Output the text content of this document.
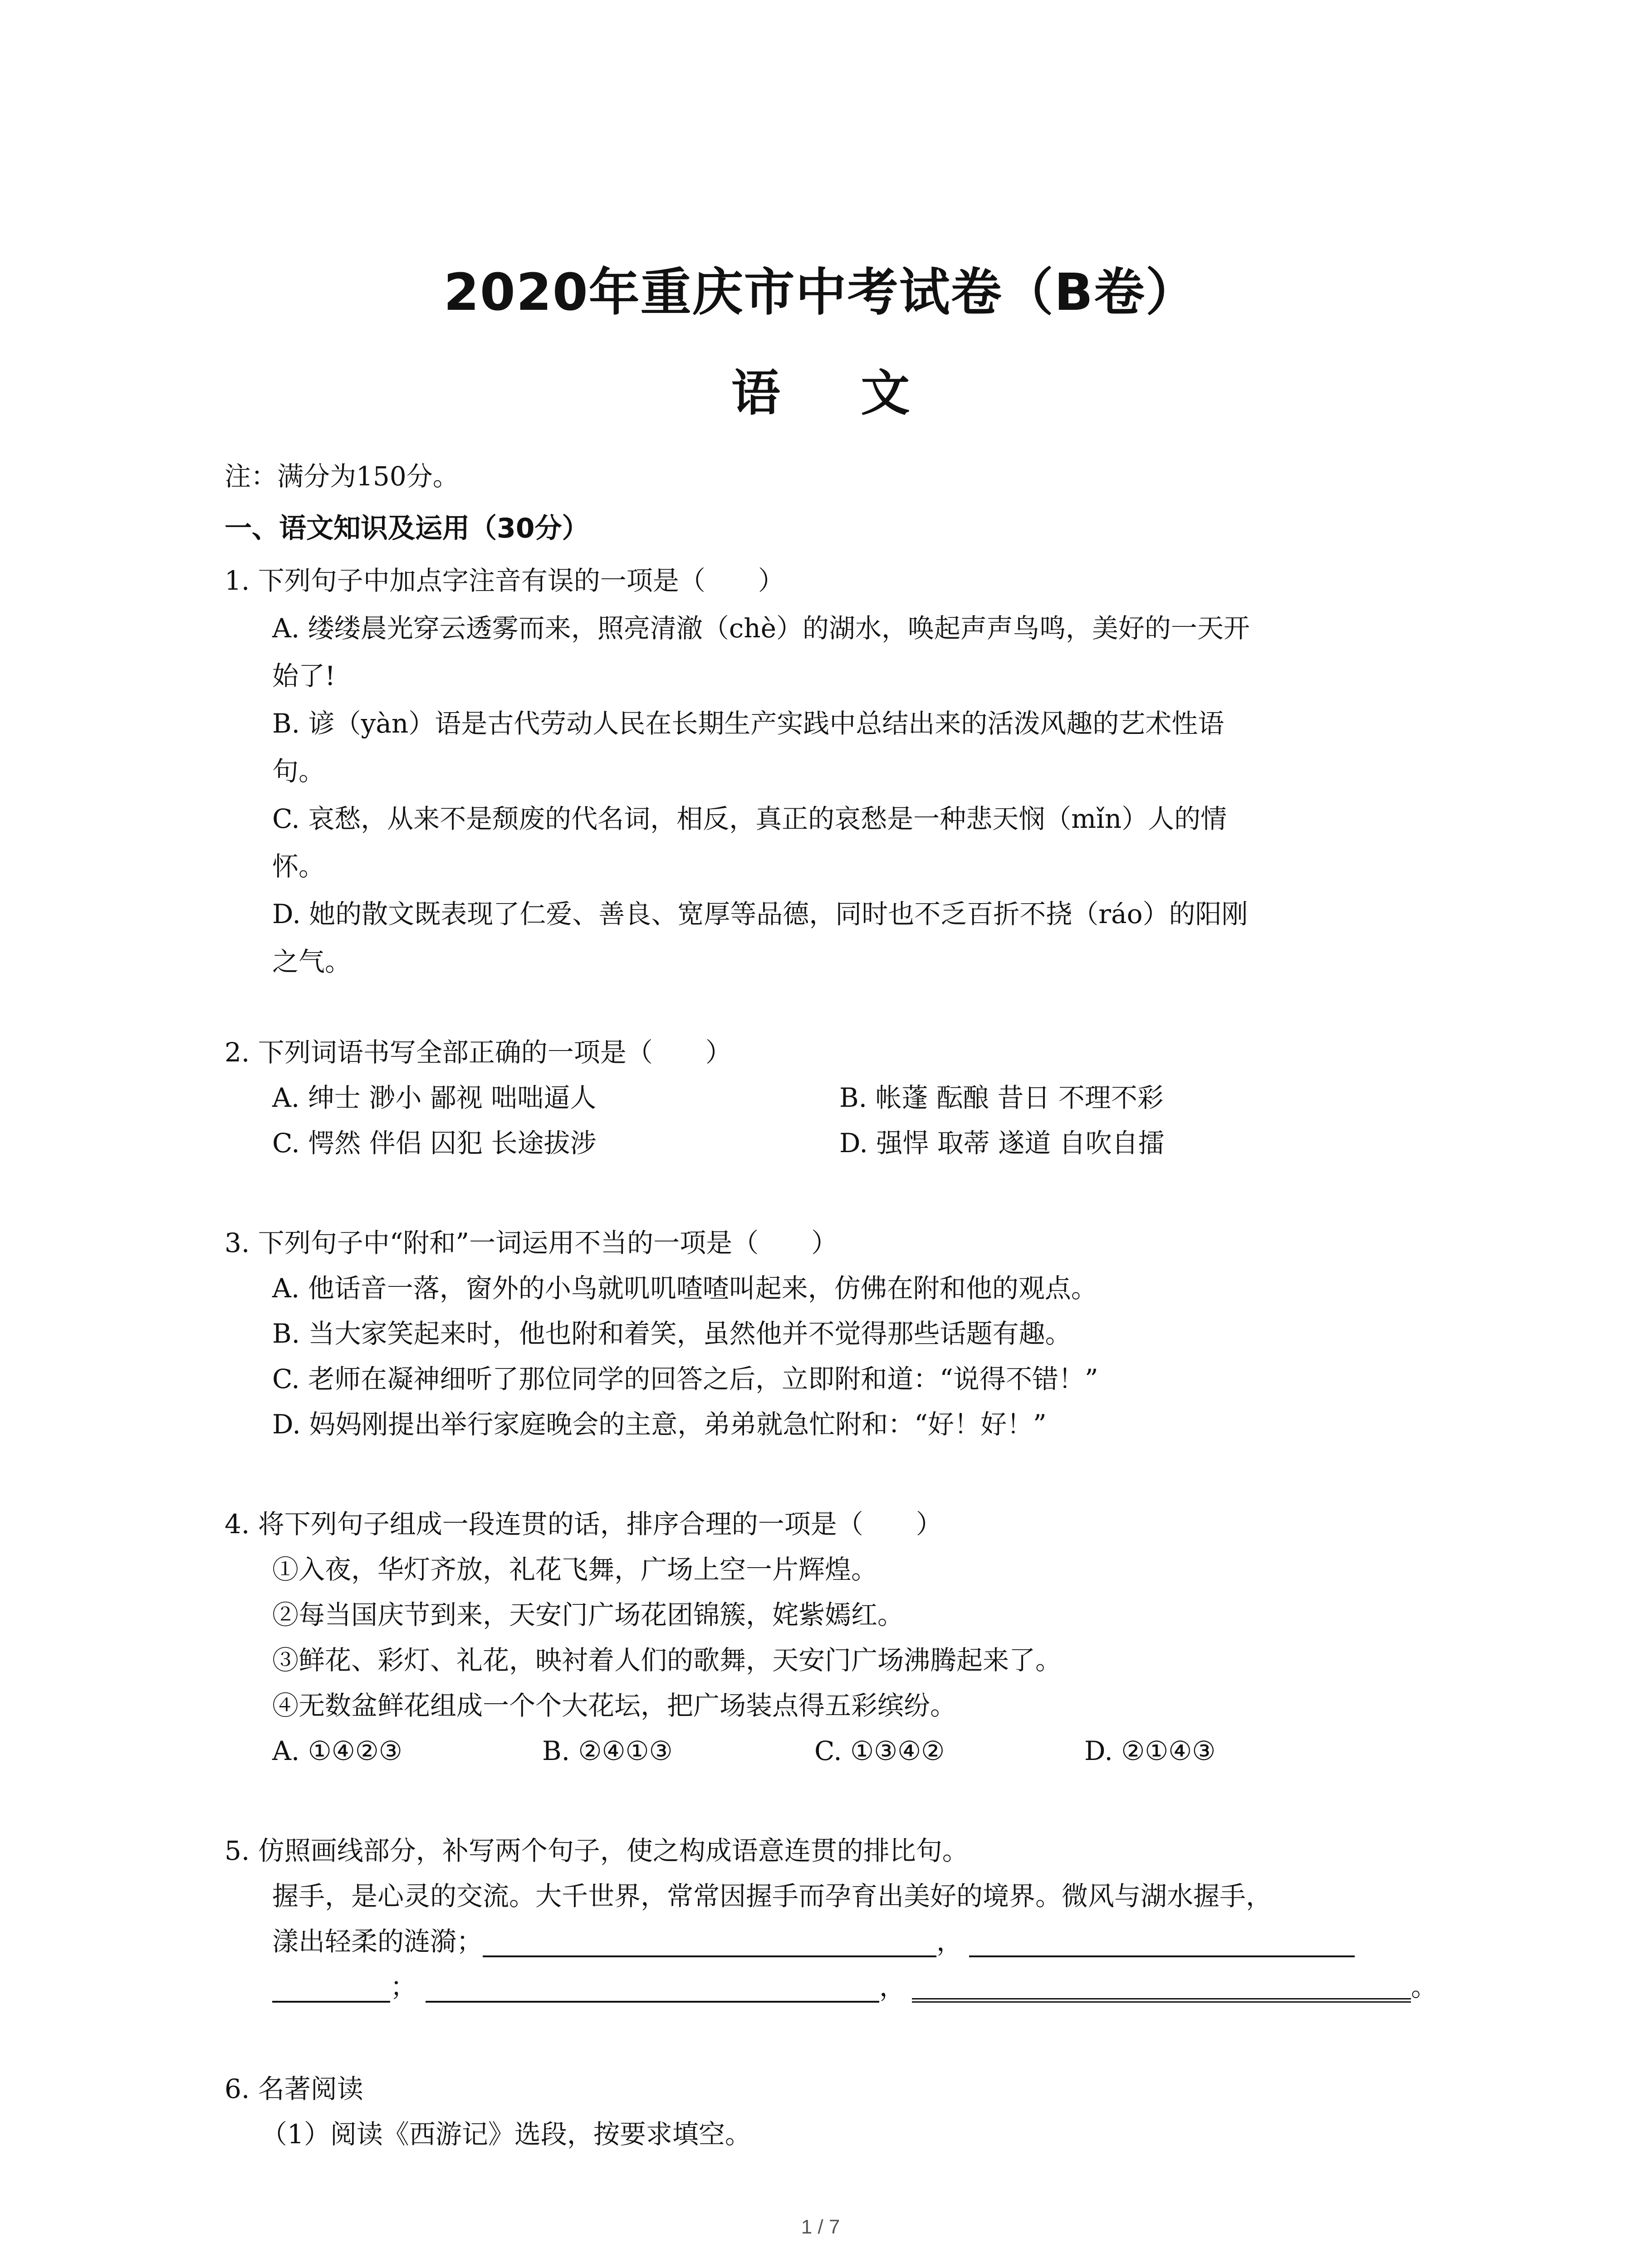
2020年重庆市中考试卷（B卷）
语 文
注：满分为150分。
一、语文知识及运用（30分）
1. 下列句子中加点字注音有误的一项是（　　）
A. 缕缕晨光穿云透雾而来，照亮清澈（chè）的湖水，唤起声声鸟鸣，美好的一天开
始了!
B. 谚（yàn）语是古代劳动人民在长期生产实践中总结出来的活泼风趣的艺术性语
句。
C. 哀愁，从来不是颓废的代名词，相反，真正的哀愁是一种悲天悯（mǐn）人的情
怀。
D. 她的散文既表现了仁爱、善良、宽厚等品德，同时也不乏百折不挠（ráo）的阳刚
之气。
2. 下列词语书写全部正确的一项是（　　）
A. 绅士 渺小 鄙视 咄咄逼人	B. 帐蓬 酝酿 昔日 不理不彩
C. 愕然 伴侣 囚犯 长途拔涉	D. 强悍 取蒂 遂道 自吹自擂
3. 下列句子中“附和”一词运用不当的一项是（　　）
A. 他话音一落，窗外的小鸟就叽叽喳喳叫起来，仿佛在附和他的观点。
B. 当大家笑起来时，他也附和着笑，虽然他并不觉得那些话题有趣。
C. 老师在凝神细听了那位同学的回答之后，立即附和道：“说得不错！”
D. 妈妈刚提出举行家庭晚会的主意，弟弟就急忙附和：“好！好！”
4. 将下列句子组成一段连贯的话，排序合理的一项是（　　）
①入夜，华灯齐放，礼花飞舞，广场上空一片辉煌。
②每当国庆节到来，天安门广场花团锦簇，姹紫嫣红。
③鲜花、彩灯、礼花，映衬着人们的歌舞，天安门广场沸腾起来了。
④无数盆鲜花组成一个个大花坛，把广场装点得五彩缤纷。
A. ①④②③	B. ②④①③	C. ①③④②	D. ②①④③
5. 仿照画线部分，补写两个句子，使之构成语意连贯的排比句。
握手，是心灵的交流。大千世界，常常因握手而孕育出美好的境界。微风与湖水握手，
漾出轻柔的涟漪；	，
；	，	。
6. 名著阅读
（1）阅读《西游记》选段，按要求填空。
1 / 7
